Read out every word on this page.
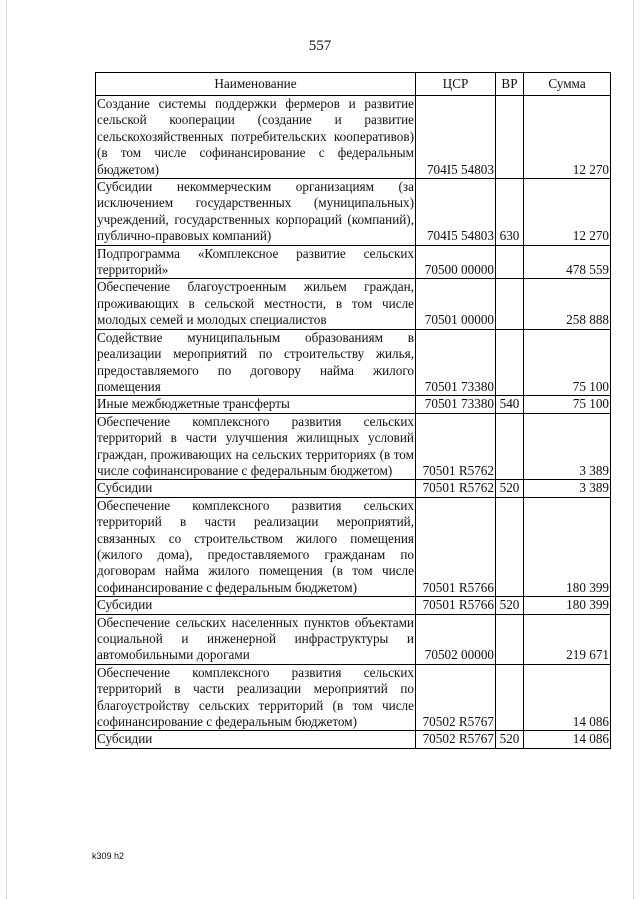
557
Наименование	ЦСР	ВР	Сумма
Создание системы поддержки фермеров и развитие сельской кооперации (создание и развитие сельскохозяйственных потребительских кооперативов) (в том числе софинансирование с федеральным бюджетом)	704I5 54803		12 270
Субсидии некоммерческим организациям (за исключением государственных (муниципальных) учреждений, государственных корпораций (компаний), публично-правовых компаний)	704I5 54803	630	12 270
Подпрограмма «Комплексное развитие сельских территорий»	70500 00000		478 559
Обеспечение благоустроенным жильем граждан, проживающих в сельской местности, в том числе молодых семей и молодых специалистов	70501 00000		258 888
Содействие муниципальным образованиям в реализации мероприятий по строительству жилья, предоставляемого по договору найма жилого помещения	70501 73380		75 100
Иные межбюджетные трансферты	70501 73380	540	75 100
Обеспечение комплексного развития сельских территорий в части улучшения жилищных условий граждан, проживающих на сельских территориях (в том числе софинансирование с федеральным бюджетом)	70501 R5762		3 389
Субсидии	70501 R5762	520	3 389
Обеспечение комплексного развития сельских территорий в части реализации мероприятий, связанных со строительством жилого помещения (жилого дома), предоставляемого гражданам по договорам найма жилого помещения (в том числе софинансирование с федеральным бюджетом)	70501 R5766		180 399
Субсидии	70501 R5766	520	180 399
Обеспечение сельских населенных пунктов объектами социальной и инженерной инфраструктуры и автомобильными дорогами	70502 00000		219 671
Обеспечение комплексного развития сельских территорий в части реализации мероприятий по благоустройству сельских территорий (в том числе софинансирование с федеральным бюджетом)	70502 R5767		14 086
Субсидии	70502 R5767	520	14 086
k309 h2
